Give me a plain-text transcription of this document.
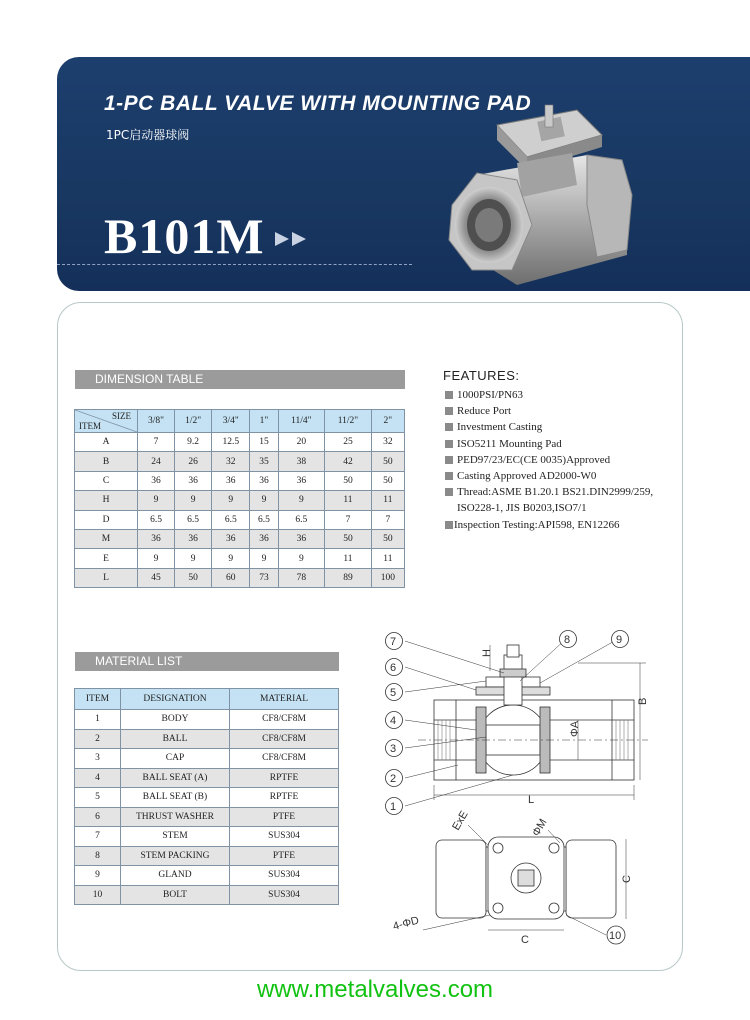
1-PC BALL VALVE WITH MOUNTING PAD
1PC启动器球阀
B101M
DIMENSION TABLE
SIZE
ITEM	3/8"	1/2"	3/4"	1"	11/4"	11/2"	2"
A	7	9.2	12.5	15	20	25	32
B	24	26	32	35	38	42	50
C	36	36	36	36	36	50	50
H	9	9	9	9	9	11	11
D	6.5	6.5	6.5	6.5	6.5	7	7
M	36	36	36	36	36	50	50
E	9	9	9	9	9	11	11
L	45	50	60	73	78	89	100
FEATURES:
1000PSI/PN63
Reduce Port
Investment Casting
ISO5211 Mounting Pad
PED97/23/EC(CE 0035)Approved
Casting Approved AD2000-W0
Thread:ASME B1.20.1 BS21.DIN2999/259,
ISO228-1, JIS B0203,ISO7/1
Inspection Testing:API598, EN12266
MATERIAL LIST
ITEM	DESIGNATION	MATERIAL
1	BODY	CF8/CF8M
2	BALL	CF8/CF8M
3	CAP	CF8/CF8M
4	BALL SEAT (A)	RPTFE
5	BALL SEAT (B)	RPTFE
6	THRUST WASHER	PTFE
7	STEM	SUS304
8	STEM PACKING	PTFE
9	GLAND	SUS304
10	BOLT	SUS304
H
B
ΦA
L
C
C
ExE	ΦM
4-ΦD
7
6
5
4
3
2
1
8	9
10
www.metalvalves.com
